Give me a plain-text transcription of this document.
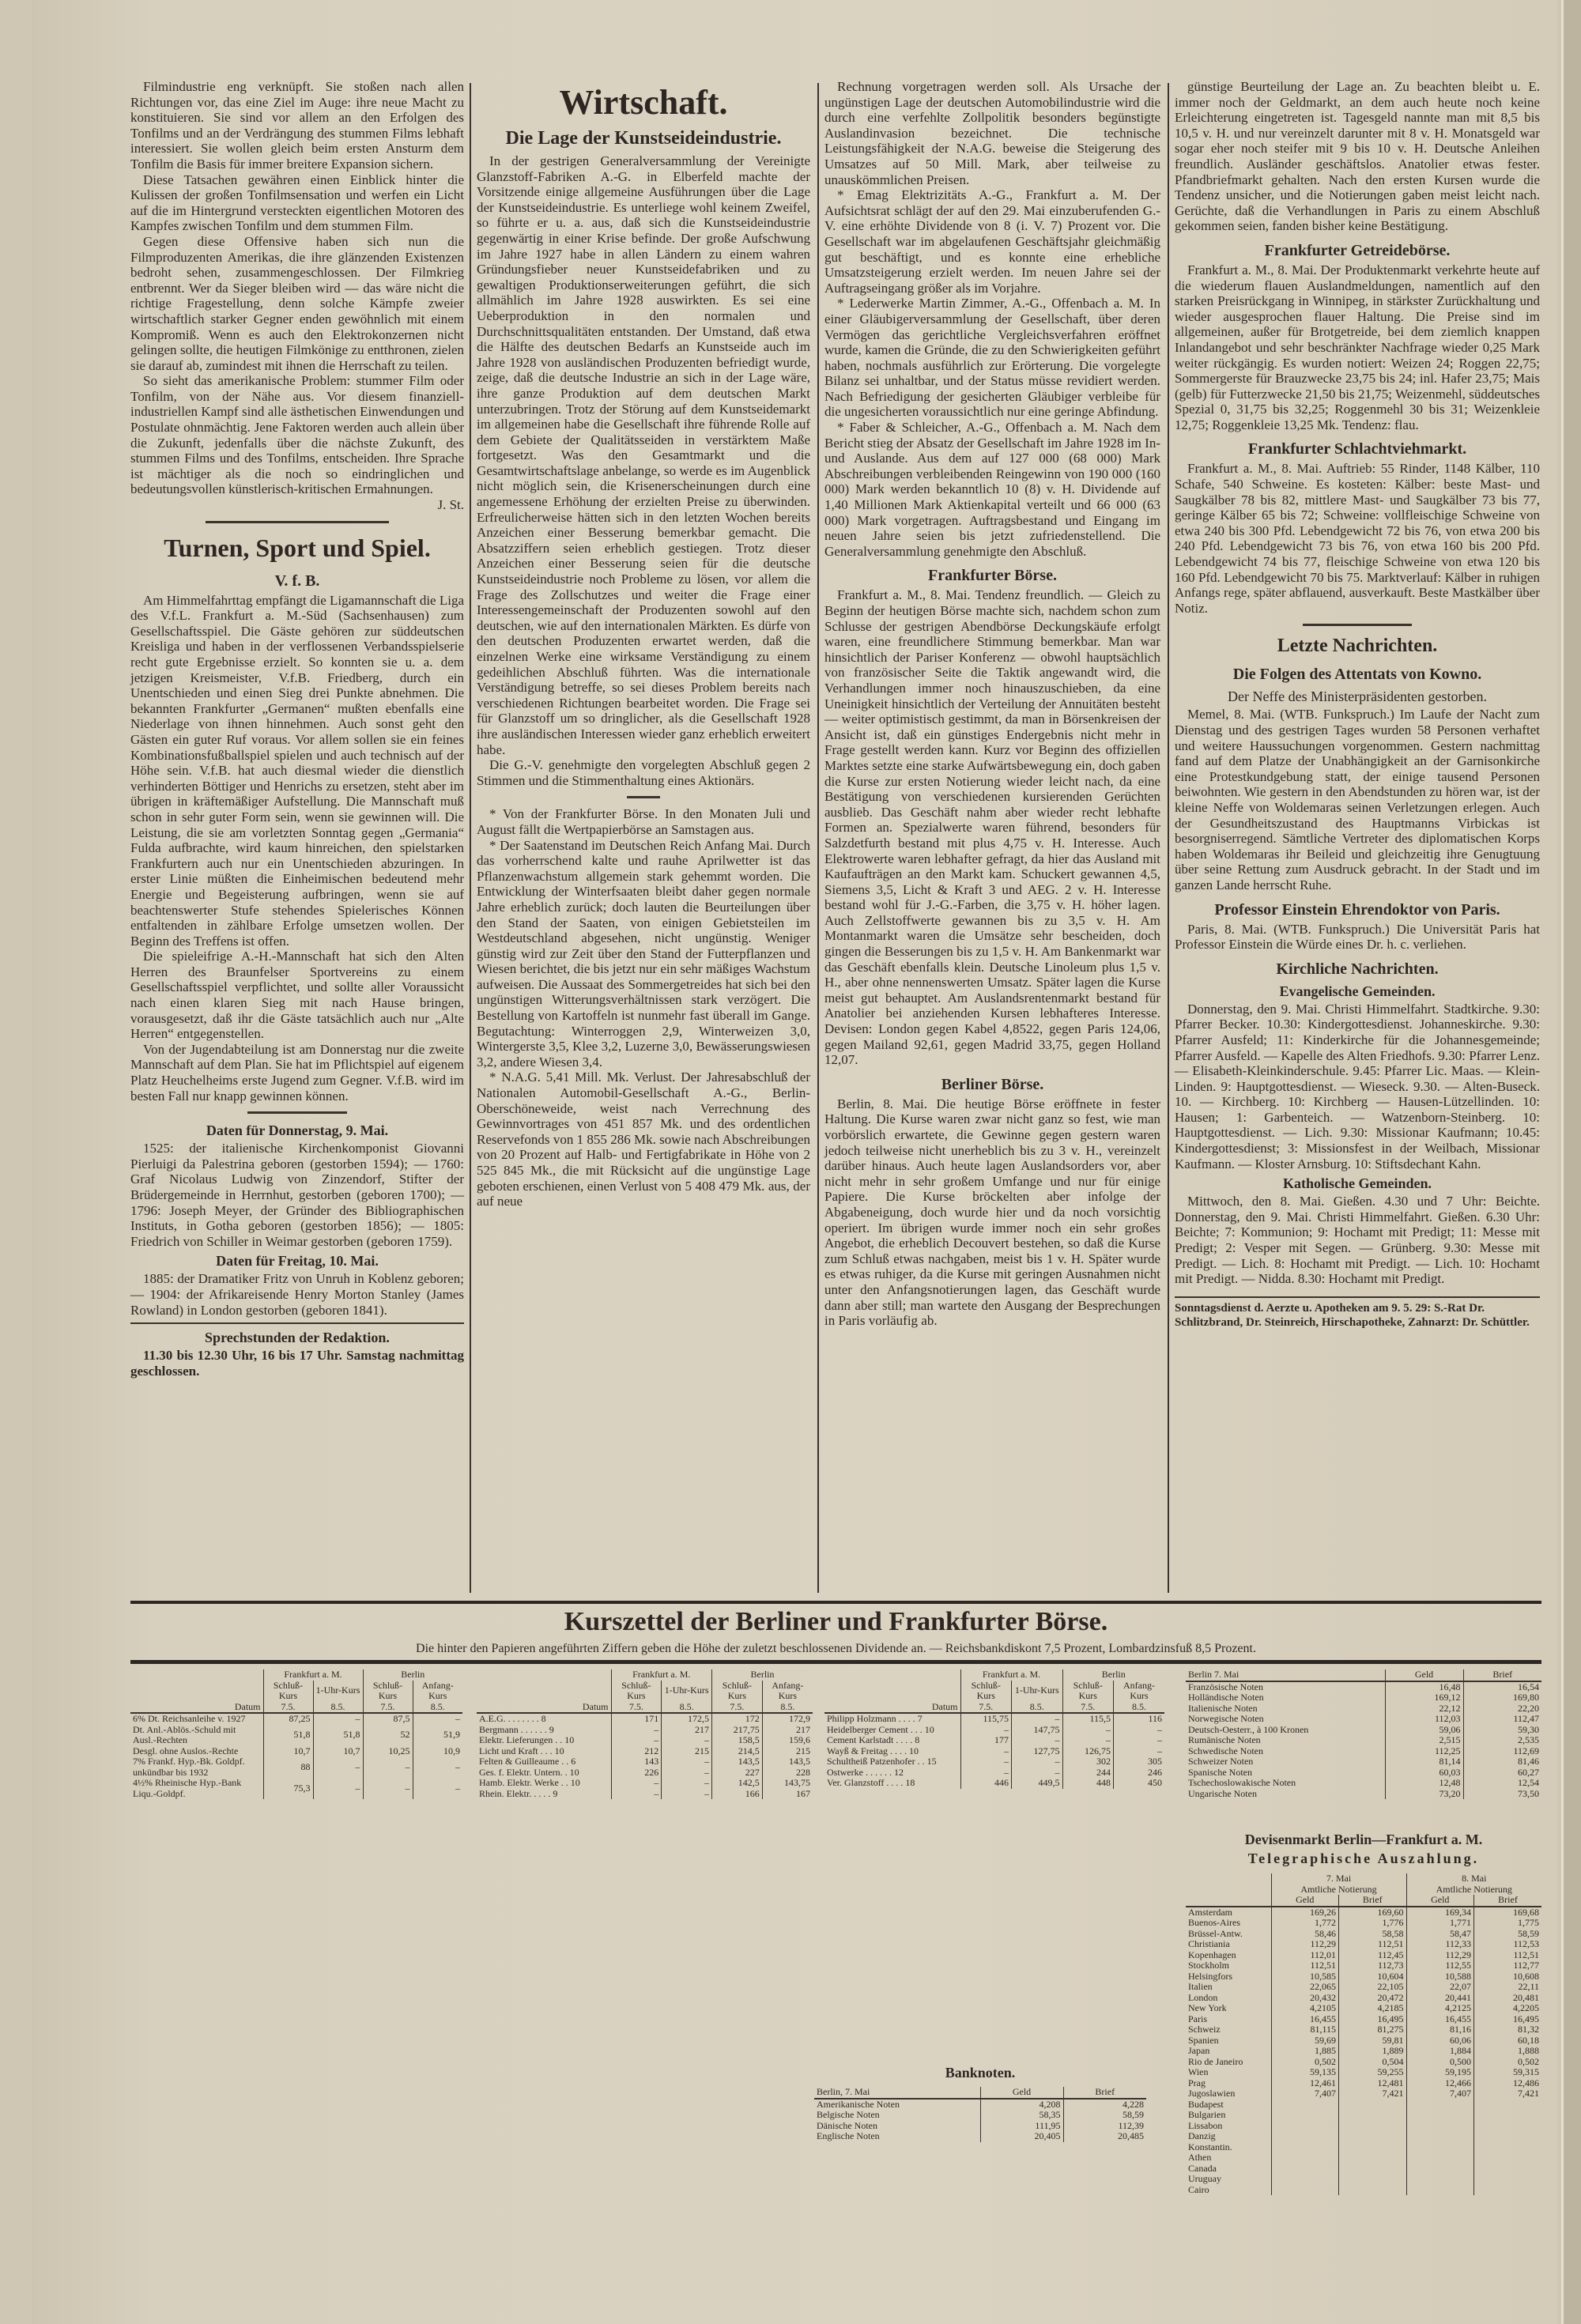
Filmindustrie eng verknüpft. Sie stoßen nach allen Richtungen vor, das eine Ziel im Auge: ihre neue Macht zu konstituieren. Sie sind vor allem an den Erfolgen des Tonfilms und an der Verdrängung des stummen Films lebhaft interessiert. Sie wollen gleich beim ersten Ansturm dem Tonfilm die Basis für immer breitere Expansion sichern.

Diese Tatsachen gewähren einen Einblick hinter die Kulissen der großen Tonfilmsensation und werfen ein Licht auf die im Hintergrund versteckten eigentlichen Motoren des Kampfes zwischen Tonfilm und dem stummen Film.

Gegen diese Offensive haben sich nun die Filmproduzenten Amerikas, die ihre glänzenden Existenzen bedroht sehen, zusammengeschlossen. Der Filmkrieg entbrennt. Wer da Sieger bleiben wird — das wäre nicht die richtige Fragestellung, denn solche Kämpfe zweier wirtschaftlich starker Gegner enden gewöhnlich mit einem Kompromiß. Wenn es auch den Elektrokonzernen nicht gelingen sollte, die heutigen Filmkönige zu entthronen, zielen sie darauf ab, zumindest mit ihnen die Herrschaft zu teilen.

So sieht das amerikanische Problem: stummer Film oder Tonfilm, von der Nähe aus. Vor diesem finanziell-industriellen Kampf sind alle ästhetischen Einwendungen und Postulate ohnmächtig. Jene Faktoren werden auch allein über die Zukunft, jedenfalls über die nächste Zukunft, des stummen Films und des Tonfilms, entscheiden. Ihre Sprache ist mächtiger als die noch so eindringlichen und bedeutungsvollen künstlerisch-kritischen Ermahnungen.

J. St.

Turnen, Sport und Spiel.
V. f. B.

Am Himmelfahrttag empfängt die Ligamannschaft die Liga des V.f.L. Frankfurt a. M.-Süd (Sachsenhausen) zum Gesellschaftsspiel. Die Gäste gehören zur süddeutschen Kreisliga und haben in der verflossenen Verbandsspielserie recht gute Ergebnisse erzielt. So konnten sie u. a. dem jetzigen Kreismeister, V.f.B. Friedberg, durch ein Unentschieden und einen Sieg drei Punkte abnehmen. Die bekannten Frankfurter „Germanen“ mußten ebenfalls eine Niederlage von ihnen hinnehmen. Auch sonst geht den Gästen ein guter Ruf voraus. Vor allem sollen sie ein feines Kombinationsfußballspiel spielen und auch technisch auf der Höhe sein. V.f.B. hat auch diesmal wieder die dienstlich verhinderten Böttiger und Henrichs zu ersetzen, steht aber im übrigen in kräftemäßiger Aufstellung. Die Mannschaft muß schon in sehr guter Form sein, wenn sie gewinnen will. Die Leistung, die sie am vorletzten Sonntag gegen „Germania“ Fulda aufbrachte, wird kaum hinreichen, den spielstarken Frankfurtern auch nur ein Unentschieden abzuringen. In erster Linie müßten die Einheimischen bedeutend mehr Energie und Begeisterung aufbringen, wenn sie auf beachtenswerter Stufe stehendes Spielerisches Können entfaltenden in zählbare Erfolge umsetzen wollen. Der Beginn des Treffens ist offen.

Die spieleifrige A.-H.-Mannschaft hat sich den Alten Herren des Braunfelser Sportvereins zu einem Gesellschaftsspiel verpflichtet, und sollte aller Voraussicht nach einen klaren Sieg mit nach Hause bringen, vorausgesetzt, daß ihr die Gäste tatsächlich auch nur „Alte Herren“ entgegenstellen.

Von der Jugendabteilung ist am Donnerstag nur die zweite Mannschaft auf dem Plan. Sie hat im Pflichtspiel auf eigenem Platz Heuchelheims erste Jugend zum Gegner. V.f.B. wird im besten Fall nur knapp gewinnen können.

Daten für Donnerstag, 9. Mai.

1525: der italienische Kirchenkomponist Giovanni Pierluigi da Palestrina geboren (gestorben 1594); — 1760: Graf Nicolaus Ludwig von Zinzendorf, Stifter der Brüdergemeinde in Herrnhut, gestorben (geboren 1700); — 1796: Joseph Meyer, der Gründer des Bibliographischen Instituts, in Gotha geboren (gestorben 1856); — 1805: Friedrich von Schiller in Weimar gestorben (geboren 1759).

Daten für Freitag, 10. Mai.

1885: der Dramatiker Fritz von Unruh in Koblenz geboren; — 1904: der Afrikareisende Henry Morton Stanley (James Rowland) in London gestorben (geboren 1841).

Sprechstunden der Redaktion.

11.30 bis 12.30 Uhr, 16 bis 17 Uhr. Samstag nachmittag geschlossen.

Wirtschaft.
Die Lage der Kunstseideindustrie.

In der gestrigen Generalversammlung der Vereinigte Glanzstoff-Fabriken A.-G. in Elberfeld machte der Vorsitzende einige allgemeine Ausführungen über die Lage der Kunstseideindustrie. Es unterliege wohl keinem Zweifel, so führte er u. a. aus, daß sich die Kunstseideindustrie gegenwärtig in einer Krise befinde. Der große Aufschwung im Jahre 1927 habe in allen Ländern zu einem wahren Gründungsfieber neuer Kunstseidefabriken und zu gewaltigen Produktionserweiterungen geführt, die sich allmählich im Jahre 1928 auswirkten. Es sei eine Ueberproduktion in den normalen und Durchschnittsqualitäten entstanden. Der Umstand, daß etwa die Hälfte des deutschen Bedarfs an Kunstseide auch im Jahre 1928 von ausländischen Produzenten befriedigt wurde, zeige, daß die deutsche Industrie an sich in der Lage wäre, ihre ganze Produktion auf dem deutschen Markt unterzubringen. Trotz der Störung auf dem Kunstseidemarkt im allgemeinen habe die Gesellschaft ihre führende Rolle auf dem Gebiete der Qualitätsseiden in verstärktem Maße fortgesetzt. Was den Gesamtmarkt und die Gesamtwirtschaftslage anbelange, so werde es im Augenblick nicht möglich sein, die Krisenerscheinungen durch eine angemessene Erhöhung der erzielten Preise zu überwinden. Erfreulicherweise hätten sich in den letzten Wochen bereits Anzeichen einer Besserung bemerkbar gemacht. Die Absatzziffern seien erheblich gestiegen. Trotz dieser Anzeichen einer Besserung seien für die deutsche Kunstseideindustrie noch Probleme zu lösen, vor allem die Frage des Zollschutzes und weiter die Frage einer Interessengemeinschaft der Produzenten sowohl auf den deutschen, wie auf den internationalen Märkten. Es dürfe von den deutschen Produzenten erwartet werden, daß die einzelnen Werke eine wirksame Verständigung zu einem gedeihlichen Abschluß führten. Was die internationale Verständigung betreffe, so sei dieses Problem bereits nach verschiedenen Richtungen bearbeitet worden. Die Frage sei für Glanzstoff um so dringlicher, als die Gesellschaft 1928 ihre ausländischen Interessen wieder ganz erheblich erweitert habe.

Die G.-V. genehmigte den vorgelegten Abschluß gegen 2 Stimmen und die Stimmenthaltung eines Aktionärs.

* Von der Frankfurter Börse. In den Monaten Juli und August fällt die Wertpapierbörse an Samstagen aus.

* Der Saatenstand im Deutschen Reich Anfang Mai. Durch das vorherrschend kalte und rauhe Aprilwetter ist das Pflanzenwachstum allgemein stark gehemmt worden. Die Entwicklung der Winterfsaaten bleibt daher gegen normale Jahre erheblich zurück; doch lauten die Beurteilungen über den Stand der Saaten, von einigen Gebietsteilen im Westdeutschland abgesehen, nicht ungünstig. Weniger günstig wird zur Zeit über den Stand der Futterpflanzen und Wiesen berichtet, die bis jetzt nur ein sehr mäßiges Wachstum aufweisen. Die Aussaat des Sommergetreides hat sich bei den ungünstigen Witterungsverhältnissen stark verzögert. Die Bestellung von Kartoffeln ist nunmehr fast überall im Gange. Begutachtung: Winterroggen 2,9, Winterweizen 3,0, Wintergerste 3,5, Klee 3,2, Luzerne 3,0, Bewässerungswiesen 3,2, andere Wiesen 3,4.

* N.A.G. 5,41 Mill. Mk. Verlust. Der Jahresabschluß der Nationalen Automobil-Gesellschaft A.-G., Berlin-Oberschöneweide, weist nach Verrechnung des Gewinnvortrages von 451 857 Mk. und des ordentlichen Reservefonds von 1 855 286 Mk. sowie nach Abschreibungen von 20 Prozent auf Halb- und Fertigfabrikate in Höhe von 2 525 845 Mk., die mit Rücksicht auf die ungünstige Lage geboten erschienen, einen Verlust von 5 408 479 Mk. aus, der auf neue

Rechnung vorgetragen werden soll. Als Ursache der ungünstigen Lage der deutschen Automobilindustrie wird die durch eine verfehlte Zollpolitik besonders begünstigte Auslandinvasion bezeichnet. Die technische Leistungsfähigkeit der N.A.G. beweise die Steigerung des Umsatzes auf 50 Mill. Mark, aber teilweise zu unauskömmlichen Preisen.

* Emag Elektrizitäts A.-G., Frankfurt a. M. Der Aufsichtsrat schlägt der auf den 29. Mai einzuberufenden G.-V. eine erhöhte Dividende von 8 (i. V. 7) Prozent vor. Die Gesellschaft war im abgelaufenen Geschäftsjahr gleichmäßig gut beschäftigt, und es konnte eine erhebliche Umsatzsteigerung erzielt werden. Im neuen Jahre sei der Auftragseingang größer als im Vorjahre.

* Lederwerke Martin Zimmer, A.-G., Offenbach a. M. In einer Gläubigerversammlung der Gesellschaft, über deren Vermögen das gerichtliche Vergleichsverfahren eröffnet wurde, kamen die Gründe, die zu den Schwierigkeiten geführt haben, nochmals ausführlich zur Erörterung. Die vorgelegte Bilanz sei unhaltbar, und der Status müsse revidiert werden. Nach Befriedigung der gesicherten Gläubiger verbleibe für die ungesicherten voraussichtlich nur eine geringe Abfindung.

* Faber & Schleicher, A.-G., Offenbach a. M. Nach dem Bericht stieg der Absatz der Gesellschaft im Jahre 1928 im In- und Auslande. Aus dem auf 127 000 (68 000) Mark Abschreibungen verbleibenden Reingewinn von 190 000 (160 000) Mark werden bekanntlich 10 (8) v. H. Dividende auf 1,40 Millionen Mark Aktienkapital verteilt und 66 000 (63 000) Mark vorgetragen. Auftragsbestand und Eingang im neuen Jahre seien bis jetzt zufriedenstellend. Die Generalversammlung genehmigte den Abschluß.

Frankfurter Börse.

Frankfurt a. M., 8. Mai. Tendenz freundlich. — Gleich zu Beginn der heutigen Börse machte sich, nachdem schon zum Schlusse der gestrigen Abendbörse Deckungskäufe erfolgt waren, eine freundlichere Stimmung bemerkbar. Man war hinsichtlich der Pariser Konferenz — obwohl hauptsächlich von französischer Seite die Taktik angewandt wird, die Verhandlungen immer noch hinauszuschieben, da eine Uneinigkeit hinsichtlich der Verteilung der Annuitäten besteht — weiter optimistisch gestimmt, da man in Börsenkreisen der Ansicht ist, daß ein günstiges Endergebnis nicht mehr in Frage gestellt werden kann. Kurz vor Beginn des offiziellen Marktes setzte eine starke Aufwärtsbewegung ein, doch gaben die Kurse zur ersten Notierung wieder leicht nach, da eine Bestätigung von verschiedenen kursierenden Gerüchten ausblieb. Das Geschäft nahm aber wieder recht lebhafte Formen an. Spezialwerte waren führend, besonders für Salzdetfurth bestand mit plus 4,75 v. H. Interesse. Auch Elektrowerte waren lebhafter gefragt, da hier das Ausland mit Kaufaufträgen an den Markt kam. Schuckert gewannen 4,5, Siemens 3,5, Licht & Kraft 3 und AEG. 2 v. H. Interesse bestand wohl für J.-G.-Farben, die 3,75 v. H. höher lagen. Auch Zellstoffwerte gewannen bis zu 3,5 v. H. Am Montanmarkt waren die Umsätze sehr bescheiden, doch gingen die Besserungen bis zu 1,5 v. H. Am Bankenmarkt war das Geschäft ebenfalls klein. Deutsche Linoleum plus 1,5 v. H., aber ohne nennenswerten Umsatz. Später lagen die Kurse meist gut behauptet. Am Auslandsrentenmarkt bestand für Anatolier bei anziehenden Kursen lebhafteres Interesse. Devisen: London gegen Kabel 4,8522, gegen Paris 124,06, gegen Mailand 92,61, gegen Madrid 33,75, gegen Holland 12,07.

Berliner Börse.

Berlin, 8. Mai. Die heutige Börse eröffnete in fester Haltung. Die Kurse waren zwar nicht ganz so fest, wie man vorbörslich erwartete, die Gewinne gegen gestern waren jedoch teilweise nicht unerheblich bis zu 3 v. H., vereinzelt darüber hinaus. Auch heute lagen Auslandsorders vor, aber nicht mehr in sehr großem Umfange und nur für einige Papiere. Die Kurse bröckelten aber infolge der Abgabeneigung, doch wurde hier und da noch vorsichtig operiert. Im übrigen wurde immer noch ein sehr großes Angebot, die erheblich Decouvert bestehen, so daß die Kurse zum Schluß etwas nachgaben, meist bis 1 v. H. Später wurde es etwas ruhiger, da die Kurse mit geringen Ausnahmen nicht unter den Anfangsnotierungen lagen, das Geschäft wurde dann aber still; man wartete den Ausgang der Besprechungen in Paris vorläufig ab.

günstige Beurteilung der Lage an. Zu beachten bleibt u. E. immer noch der Geldmarkt, an dem auch heute noch keine Erleichterung eingetreten ist. Tagesgeld nannte man mit 8,5 bis 10,5 v. H. und nur vereinzelt darunter mit 8 v. H. Monatsgeld war sogar eher noch steifer mit 9 bis 10 v. H. Deutsche Anleihen freundlich. Ausländer geschäftslos. Anatolier etwas fester. Pfandbriefmarkt gehalten. Nach den ersten Kursen wurde die Tendenz unsicher, und die Notierungen gaben meist leicht nach. Gerüchte, daß die Verhandlungen in Paris zu einem Abschluß gekommen seien, fanden bisher keine Bestätigung.

Frankfurter Getreidebörse.

Frankfurt a. M., 8. Mai. Der Produktenmarkt verkehrte heute auf die wiederum flauen Auslandmeldungen, namentlich auf den starken Preisrückgang in Winnipeg, in stärkster Zurückhaltung und wieder ausgesprochen flauer Haltung. Die Preise sind im allgemeinen, außer für Brotgetreide, bei dem ziemlich knappen Inlandangebot und sehr beschränkter Nachfrage wieder 0,25 Mark weiter rückgängig. Es wurden notiert: Weizen 24; Roggen 22,75; Sommergerste für Brauzwecke 23,75 bis 24; inl. Hafer 23,75; Mais (gelb) für Futterzwecke 21,50 bis 21,75; Weizenmehl, süddeutsches Spezial 0, 31,75 bis 32,25; Roggenmehl 30 bis 31; Weizenkleie 12,75; Roggenkleie 13,25 Mk. Tendenz: flau.

Frankfurter Schlachtviehmarkt.

Frankfurt a. M., 8. Mai. Auftrieb: 55 Rinder, 1148 Kälber, 110 Schafe, 540 Schweine. Es kosteten: Kälber: beste Mast- und Saugkälber 78 bis 82, mittlere Mast- und Saugkälber 73 bis 77, geringe Kälber 65 bis 72; Schweine: vollfleischige Schweine von etwa 240 bis 300 Pfd. Lebendgewicht 72 bis 76, von etwa 200 bis 240 Pfd. Lebendgewicht 73 bis 76, von etwa 160 bis 200 Pfd. Lebendgewicht 74 bis 77, fleischige Schweine von etwa 120 bis 160 Pfd. Lebendgewicht 70 bis 75. Marktverlauf: Kälber in ruhigen Anfangs rege, später abflauend, ausverkauft. Beste Mastkälber über Notiz.

Letzte Nachrichten.
Die Folgen des Attentats von Kowno.
Der Neffe des Ministerpräsidenten gestorben.

Memel, 8. Mai. (WTB. Funkspruch.) Im Laufe der Nacht zum Dienstag und des gestrigen Tages wurden 58 Personen verhaftet und weitere Haussuchungen vorgenommen. Gestern nachmittag fand auf dem Platze der Unabhängigkeit an der Garnisonkirche eine Protestkundgebung statt, der einige tausend Personen beiwohnten. Wie gestern in den Abendstunden zu hören war, ist der kleine Neffe von Woldemaras seinen Verletzungen erlegen. Auch der Gesundheitszustand des Hauptmanns Virbickas ist besorgniserregend. Sämtliche Vertreter des diplomatischen Korps haben Woldemaras ihr Beileid und gleichzeitig ihre Genugtuung über seine Rettung zum Ausdruck gebracht. In der Stadt und im ganzen Lande herrscht Ruhe.

Professor Einstein Ehrendoktor von Paris.

Paris, 8. Mai. (WTB. Funkspruch.) Die Universität Paris hat Professor Einstein die Würde eines Dr. h. c. verliehen.

Kirchliche Nachrichten.
Evangelische Gemeinden.

Donnerstag, den 9. Mai. Christi Himmelfahrt. Stadtkirche. 9.30: Pfarrer Becker. 10.30: Kindergottesdienst. Johanneskirche. 9.30: Pfarrer Ausfeld; 11: Kinderkirche für die Johannesgemeinde; Pfarrer Ausfeld. — Kapelle des Alten Friedhofs. 9.30: Pfarrer Lenz. — Elisabeth-Kleinkinderschule. 9.45: Pfarrer Lic. Maas. — Klein-Linden. 9: Hauptgottesdienst. — Wieseck. 9.30. — Alten-Buseck. 10. — Kirchberg. 10: Kirchberg — Hausen-Lützellinden. 10: Hausen; 1: Garbenteich. — Watzenborn-Steinberg. 10: Hauptgottesdienst. — Lich. 9.30: Missionar Kaufmann; 10.45: Kindergottesdienst; 3: Missionsfest in der Weilbach, Missionar Kaufmann. — Kloster Arnsburg. 10: Stiftsdechant Kahn.

Katholische Gemeinden.

Mittwoch, den 8. Mai. Gießen. 4.30 und 7 Uhr: Beichte. Donnerstag, den 9. Mai. Christi Himmelfahrt. Gießen. 6.30 Uhr: Beichte; 7: Kommunion; 9: Hochamt mit Predigt; 11: Messe mit Predigt; 2: Vesper mit Segen. — Grünberg. 9.30: Messe mit Predigt. — Lich. 8: Hochamt mit Predigt. — Lich. 10: Hochamt mit Predigt. — Nidda. 8.30: Hochamt mit Predigt.

Sonntagsdienst d. Aerzte u. Apotheken am 9. 5. 29: S.-Rat Dr. Schlitzbrand, Dr. Steinreich, Hirschapotheke, Zahnarzt: Dr. Schüttler.
Kurszettel der Berliner und Frankfurter Börse.
Die hinter den Papieren angeführten Ziffern geben die Höhe der zuletzt beschlossenen Dividende an. — Reichsbankdiskont 7,5 Prozent, Lombardzinsfuß 8,5 Prozent.
	Frankfurt a. M.		Berlin	
	Schluß-Kurs	1-Uhr-Kurs	Schluß-Kurs	Anfang-Kurs
Datum	7.5.	8.5.	7.5.	8.5.
6% Dt. Reichsanleihe v. 1927	87,25	–	87,5	–
Dt. Anl.-Ablös.-Schuld mit Ausl.-Rechten	51,8	51,8	52	51,9
Desgl. ohne Auslos.-Rechte	10,7	10,7	10,25	10,9
7% Frankf. Hyp.-Bk. Goldpf. unkündbar bis 1932	88	–	–	–
4½% Rheinische Hyp.-Bank Liqu.-Goldpf.	75,3	–	–	–
	Frankfurt a. M.		Berlin	
	Schluß-Kurs	1-Uhr-Kurs	Schluß-Kurs	Anfang-Kurs
Datum	7.5.	8.5.	7.5.	8.5.
A.E.G. . . . . . . . 8	171	172,5	172	172,9
Bergmann . . . . . . 9	–	217	217,75	217
Elektr. Lieferungen . . 10	–	–	158,5	159,6
Licht und Kraft . . . 10	212	215	214,5	215
Felten & Guilleaume . . 6	143	–	143,5	143,5
Ges. f. Elektr. Untern. . 10	226	–	227	228
Hamb. Elektr. Werke . . 10	–	–	142,5	143,75
Rhein. Elektr. . . . . 9	–	–	166	167
	Frankfurt a. M.		Berlin	
	Schluß-Kurs	1-Uhr-Kurs	Schluß-Kurs	Anfang-Kurs
Datum	7.5.	8.5.	7.5.	8.5.
Philipp Holzmann . . . . 7	115,75	–	115,5	116
Heidelberger Cement . . . 10	–	147,75	–	–
Cement Karlstadt . . . . 8	177	–	–	–
Wayß & Freitag . . . . 10	–	127,75	126,75	–
Schultheiß Patzenhofer . . 15	–	–	302	305
Ostwerke . . . . . . 12	–	–	244	246
Ver. Glanzstoff . . . . 18	446	449,5	448	450
Berlin 7. Mai	Geld	Brief
Französische Noten	16,48	16,54
Holländische Noten	169,12	169,80
Italienische Noten	22,12	22,20
Norwegische Noten	112,03	112,47
Deutsch-Oesterr., à 100 Kronen	59,06	59,30
Rumänische Noten	2,515	2,535
Schwedische Noten	112,25	112,69
Schweizer Noten	81,14	81,46
Spanische Noten	60,03	60,27
Tschechoslowakische Noten	12,48	12,54
Ungarische Noten	73,20	73,50
Devisenmarkt Berlin—Frankfurt a. M.
Telegraphische Auszahlung.
	7. Mai		8. Mai	
	Amtliche Notierung		Amtliche Notierung	
	Geld	Brief	Geld	Brief
Amsterdam	169,26	169,60	169,34	169,68
Buenos-Aires	1,772	1,776	1,771	1,775
Brüssel-Antw.	58,46	58,58	58,47	58,59
Christiania	112,29	112,51	112,33	112,53
Kopenhagen	112,01	112,45	112,29	112,51
Stockholm	112,51	112,73	112,55	112,77
Helsingfors	10,585	10,604	10,588	10,608
Italien	22,065	22,105	22,07	22,11
London	20,432	20,472	20,441	20,481
New York	4,2105	4,2185	4,2125	4,2205
Paris	16,455	16,495	16,455	16,495
Schweiz	81,115	81,275	81,16	81,32
Spanien	59,69	59,81	60,06	60,18
Japan	1,885	1,889	1,884	1,888
Rio de Janeiro	0,502	0,504	0,500	0,502
Wien	59,135	59,255	59,195	59,315
Prag	12,461	12,481	12,466	12,486
Jugoslawien	7,407	7,421	7,407	7,421
Budapest				
Bulgarien				
Lissabon				
Danzig				
Konstantin.				
Athen				
Canada				
Uruguay				
Cairo				
Banknoten.
Berlin, 7. Mai	Geld	Brief
Amerikanische Noten	4,208	4,228
Belgische Noten	58,35	58,59
Dänische Noten	111,95	112,39
Englische Noten	20,405	20,485
